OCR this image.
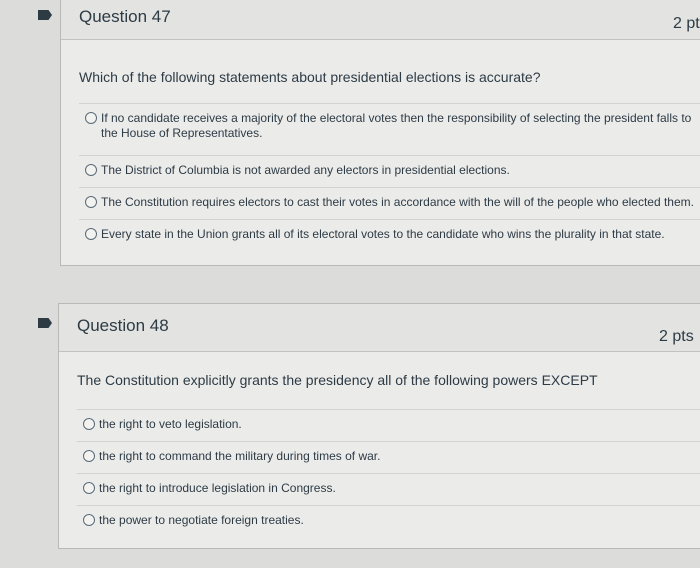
Question 47	2 pt
Which of the following statements about presidential elections is accurate?
If no candidate receives a majority of the electoral votes then the responsibility of selecting the president falls to the House of Representatives.
The District of Columbia is not awarded any electors in presidential elections.
The Constitution requires electors to cast their votes in accordance with the will of the people who elected them.
Every state in the Union grants all of its electoral votes to the candidate who wins the plurality in that state.
Question 48
2 pts
The Constitution explicitly grants the presidency all of the following powers EXCEPT
the right to veto legislation.
the right to command the military during times of war.
the right to introduce legislation in Congress.
the power to negotiate foreign treaties.
